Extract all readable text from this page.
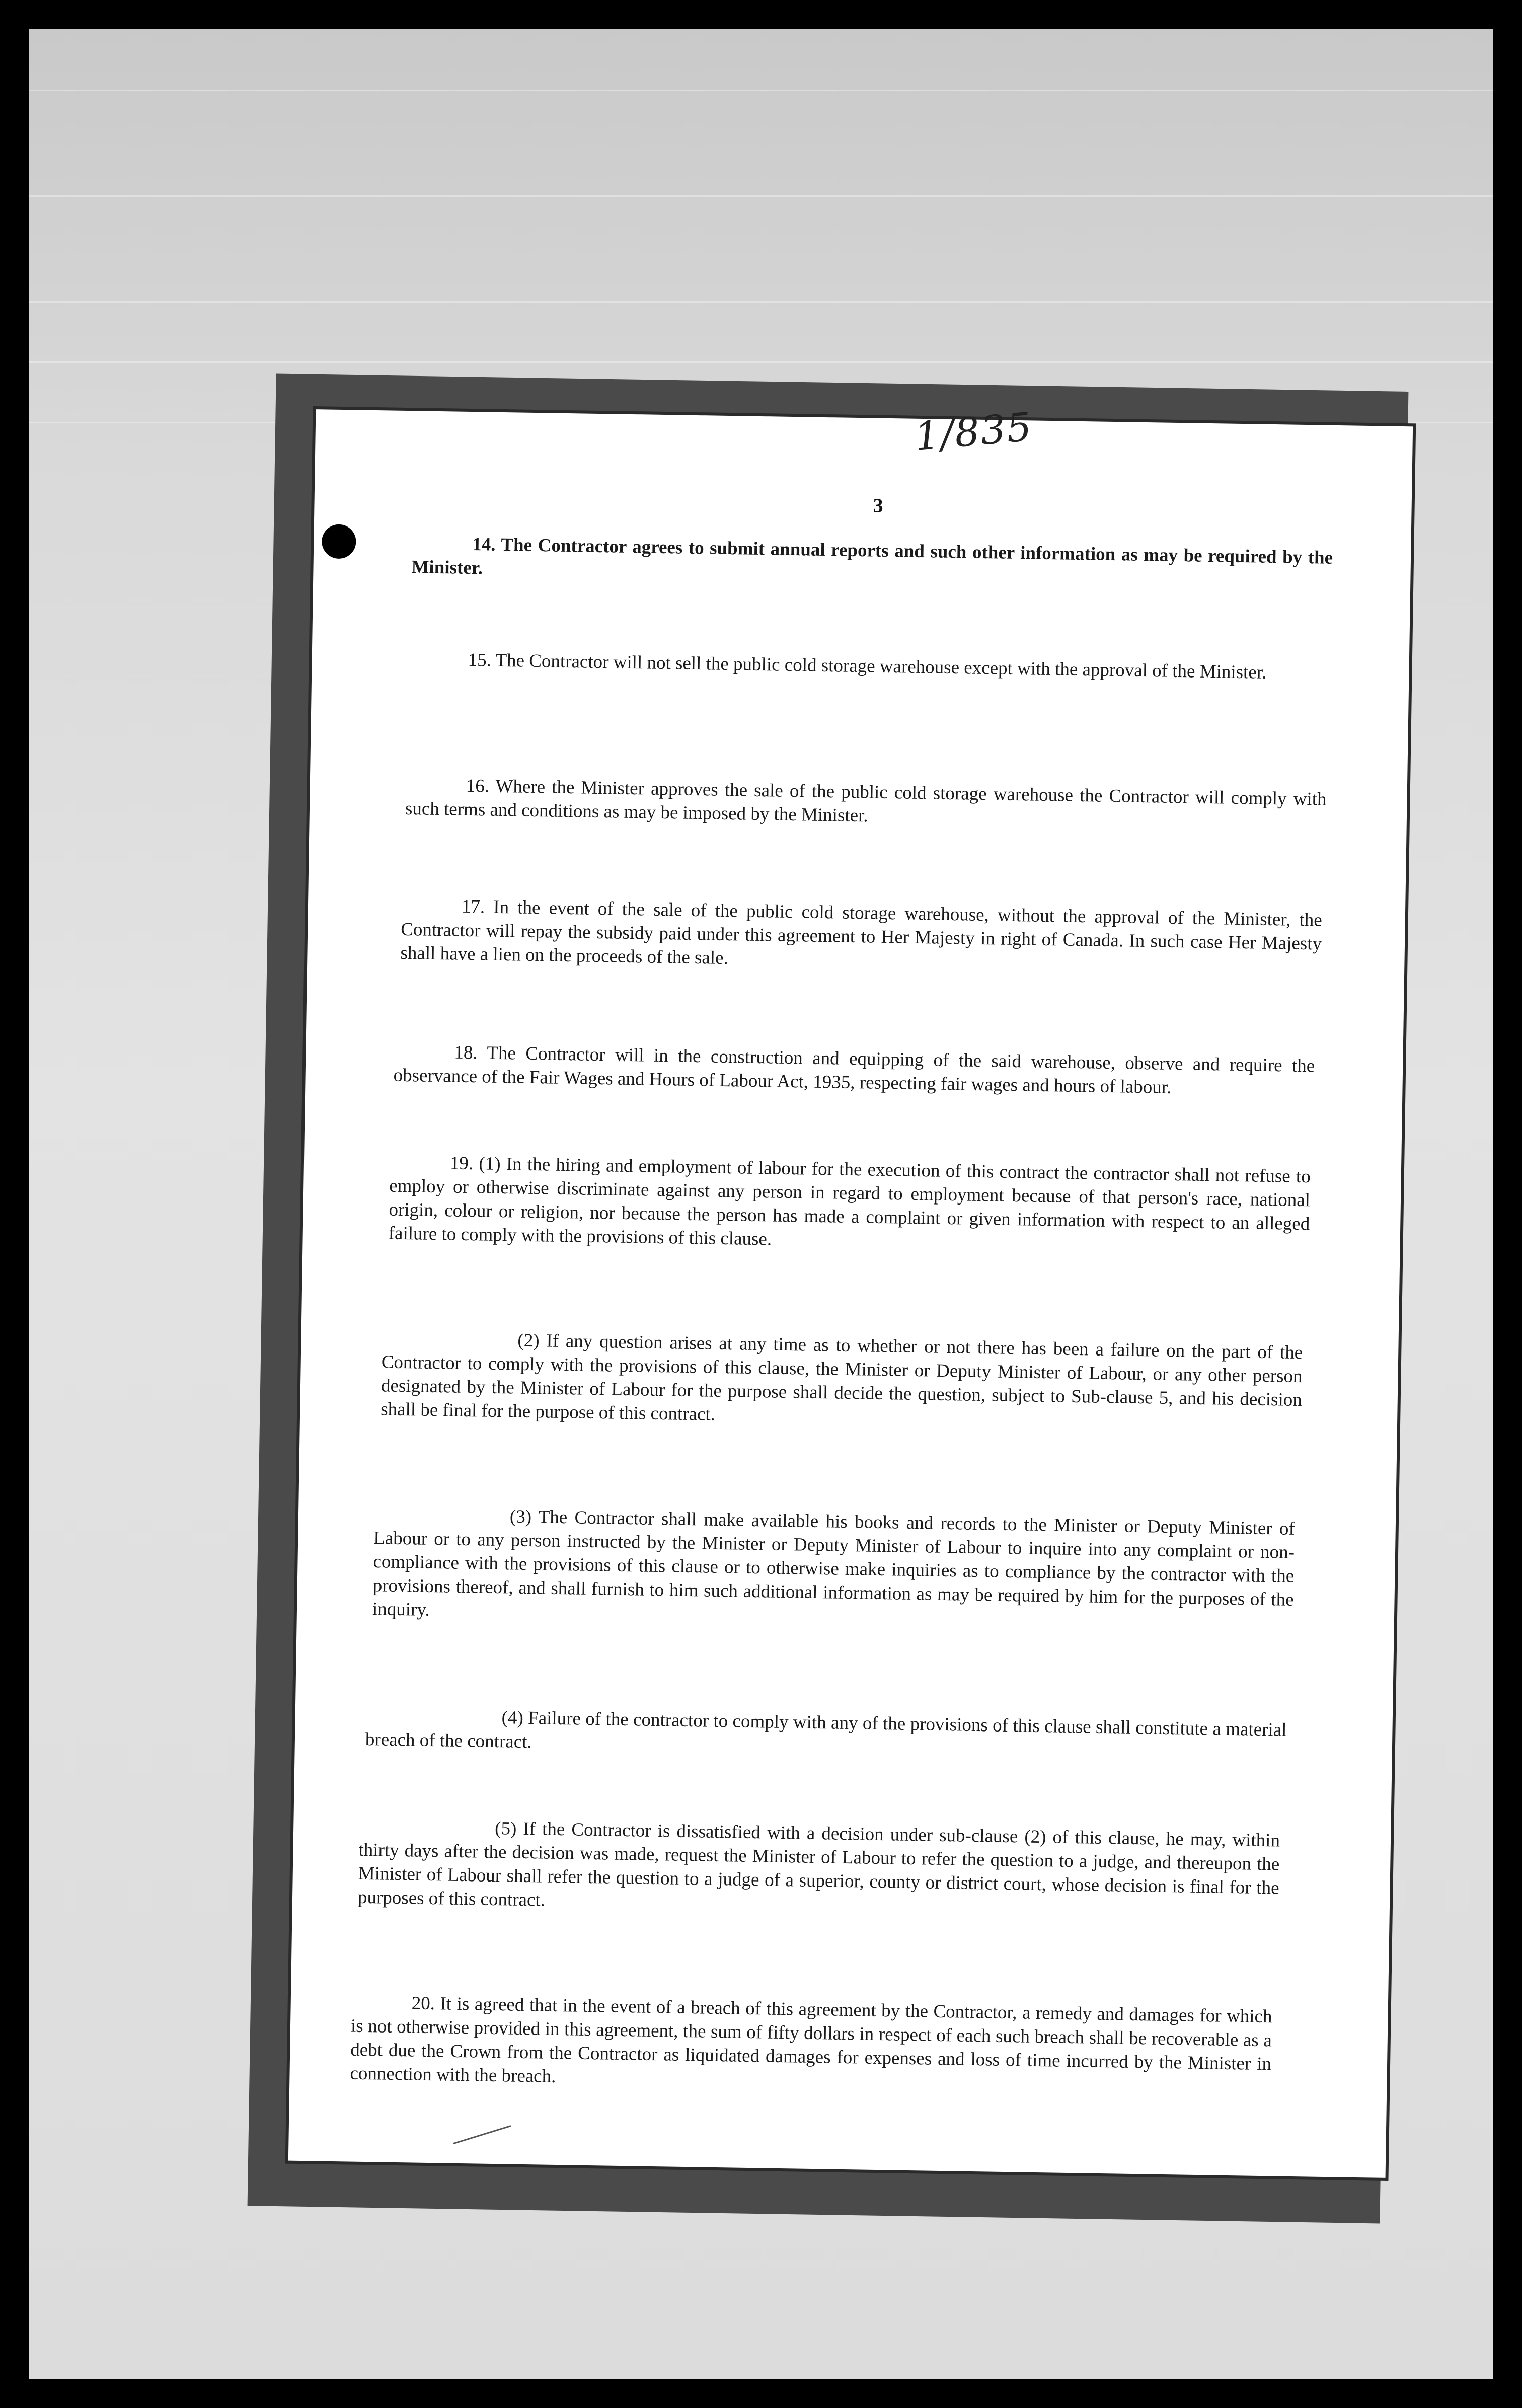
1/835
3

14. The Contractor agrees to submit annual reports and such other information as may be required by the Minister.

15. The Contractor will not sell the public cold storage warehouse except with the approval of the Minister.

16. Where the Minister approves the sale of the public cold storage warehouse the Contractor will comply with such terms and conditions as may be imposed by the Minister.

17. In the event of the sale of the public cold storage warehouse, without the approval of the Minister, the Contractor will repay the subsidy paid under this agreement to Her Majesty in right of Canada. In such case Her Majesty shall have a lien on the proceeds of the sale.

18. The Contractor will in the construction and equipping of the said warehouse, observe and require the observance of the Fair Wages and Hours of Labour Act, 1935, respecting fair wages and hours of labour.

19. (1) In the hiring and employment of labour for the execution of this contract the contractor shall not refuse to employ or otherwise discriminate against any person in regard to employment because of that person's race, national origin, colour or religion, nor because the person has made a complaint or given information with respect to an alleged failure to comply with the provisions of this clause.

(2) If any question arises at any time as to whether or not there has been a failure on the part of the Contractor to comply with the provisions of this clause, the Minister or Deputy Minister of Labour, or any other person designated by the Minister of Labour for the purpose shall decide the question, subject to Sub-clause 5, and his decision shall be final for the purpose of this contract.

(3) The Contractor shall make available his books and records to the Minister or Deputy Minister of Labour or to any person instructed by the Minister or Deputy Minister of Labour to inquire into any complaint or non-compliance with the provisions of this clause or to otherwise make inquiries as to compliance by the contractor with the provisions thereof, and shall furnish to him such additional information as may be required by him for the purposes of the inquiry.

(4) Failure of the contractor to comply with any of the provisions of this clause shall constitute a material breach of the contract.

(5) If the Contractor is dissatisfied with a decision under sub-clause (2) of this clause, he may, within thirty days after the decision was made, request the Minister of Labour to refer the question to a judge, and thereupon the Minister of Labour shall refer the question to a judge of a superior, county or district court, whose decision is final for the purposes of this contract.

20. It is agreed that in the event of a breach of this agreement by the Contractor, a remedy and damages for which is not otherwise provided in this agreement, the sum of fifty dollars in respect of each such breach shall be recoverable as a debt due the Crown from the Contractor as liquidated damages for expenses and loss of time incurred by the Minister in connection with the breach.
